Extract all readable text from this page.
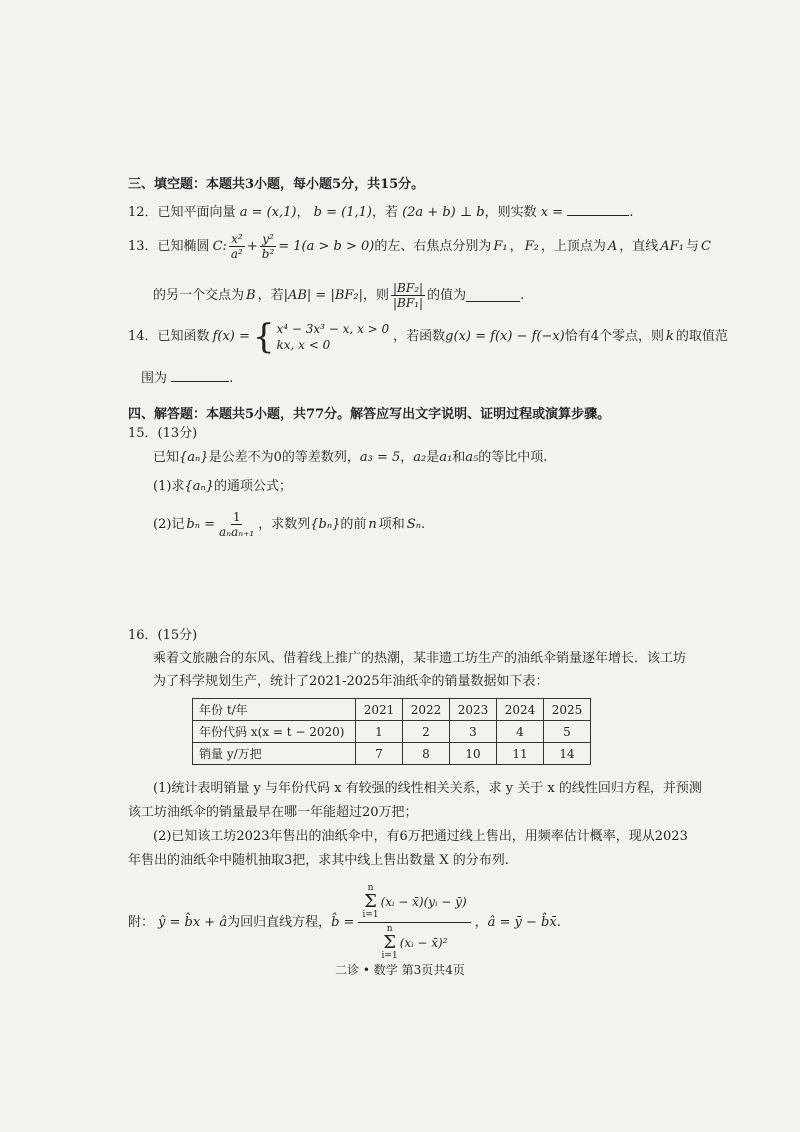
三、填空题：本题共3小题，每小题5分，共15分。
12．已知平面向量 a = (x,1)， b = (1,1)，若 (2a + b) ⊥ b，则实数 x =	.
13． 已知椭圆 C: $\frac{\text{x²}}{\text{a²}} + \frac{\text{y²}}{\text{b²}} = 1(a > b > 0)$ 的左、右焦点分别为 F₁ ， F₂ ，上顶点为 A ，直线 AF₁ 与 C
的另一个交点为 B ，若 |AB| = |BF₂| ，则 $\frac{\text{|BF₂|}}{\text{|BF₁|}}$ 的值为	.
14． 已知函数 f(x) = { x⁴ − 3x³ − x, x > 0
kx, x < 0
，若函数 g(x) = f(x) − f(−x) 恰有4个零点，则 k 的取值范
围为	.
四、解答题：本题共5小题，共77分。解答应写出文字说明、证明过程或演算步骤。
15．(13分)
已知{aₙ}是公差不为0的等差数列，a₃ = 5，a₂是a₁和a₅的等比中项.
(1)求{aₙ}的通项公式；
(2)记 $b_n = \frac{1}{\text{aₙaₙ₊₁}}$ ，求数列 {bₙ} 的前 n 项和 Sₙ .
16．(15分)
乘着文旅融合的东风、借着线上推广的热潮，某非遗工坊生产的油纸伞销量逐年增长．该工坊
为了科学规划生产，统计了2021-2025年油纸伞的销量数据如下表：
年份 t/年	2021	2022	2023	2024	2025
年份代码 x(x = t − 2020)	1	2	3	4	5
销量 y/万把	7	8	10	11	14
(1)统计表明销量 y 与年份代码 x 有较强的线性相关关系，求 y 关于 x 的线性回归方程，并预测
该工坊油纸伞的销量最早在哪一年能超过20万把；
(2)已知该工坊2023年售出的油纸伞中，有6万把通过线上售出，用频率估计概率，现从2023
年售出的油纸伞中随机抽取3把，求其中线上售出数量 X 的分布列.
附： ŷ = b̂x + â 为回归直线方程， b̂ = n
Σ
i=1
(xᵢ − x̄)(yᵢ − ȳ)
n
Σ
i=1
(xᵢ − x̄)² ， â = ȳ − b̂x̄ .
二诊 • 数学 第3页共4页
